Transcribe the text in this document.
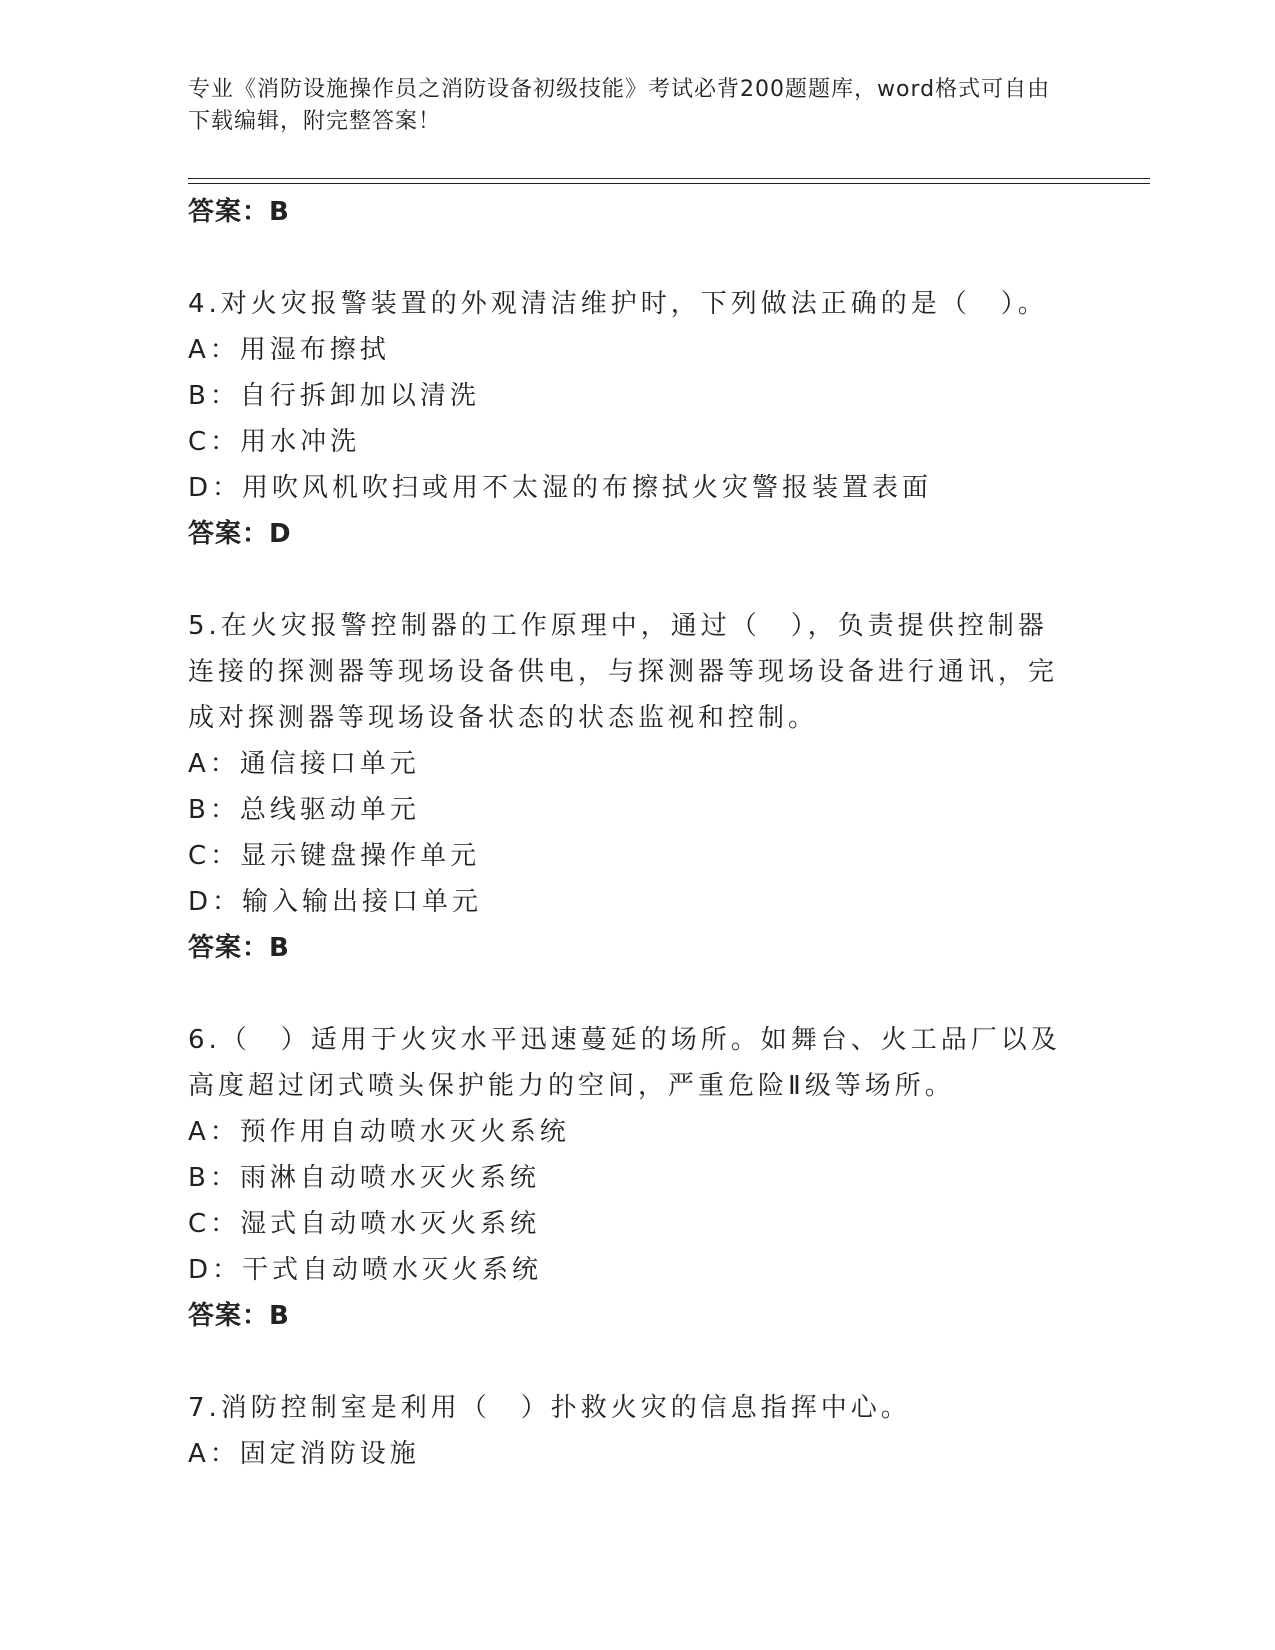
专业《消防设施操作员之消防设备初级技能》考试必背200题题库，word格式可自由下载编辑，附完整答案！
答案：B
4.对火灾报警装置的外观清洁维护时，下列做法正确的是（　）。
A：用湿布擦拭
B：自行拆卸加以清洗
C：用水冲洗
D：用吹风机吹扫或用不太湿的布擦拭火灾警报装置表面
答案：D
5.在火灾报警控制器的工作原理中，通过（　），负责提供控制器连接的探测器等现场设备供电，与探测器等现场设备进行通讯，完成对探测器等现场设备状态的状态监视和控制。
A：通信接口单元
B：总线驱动单元
C：显示键盘操作单元
D：输入输出接口单元
答案：B
6.（　）适用于火灾水平迅速蔓延的场所。如舞台、火工品厂以及高度超过闭式喷头保护能力的空间，严重危险Ⅱ级等场所。
A：预作用自动喷水灭火系统
B：雨淋自动喷水灭火系统
C：湿式自动喷水灭火系统
D：干式自动喷水灭火系统
答案：B
7.消防控制室是利用（　）扑救火灾的信息指挥中心。
A：固定消防设施
